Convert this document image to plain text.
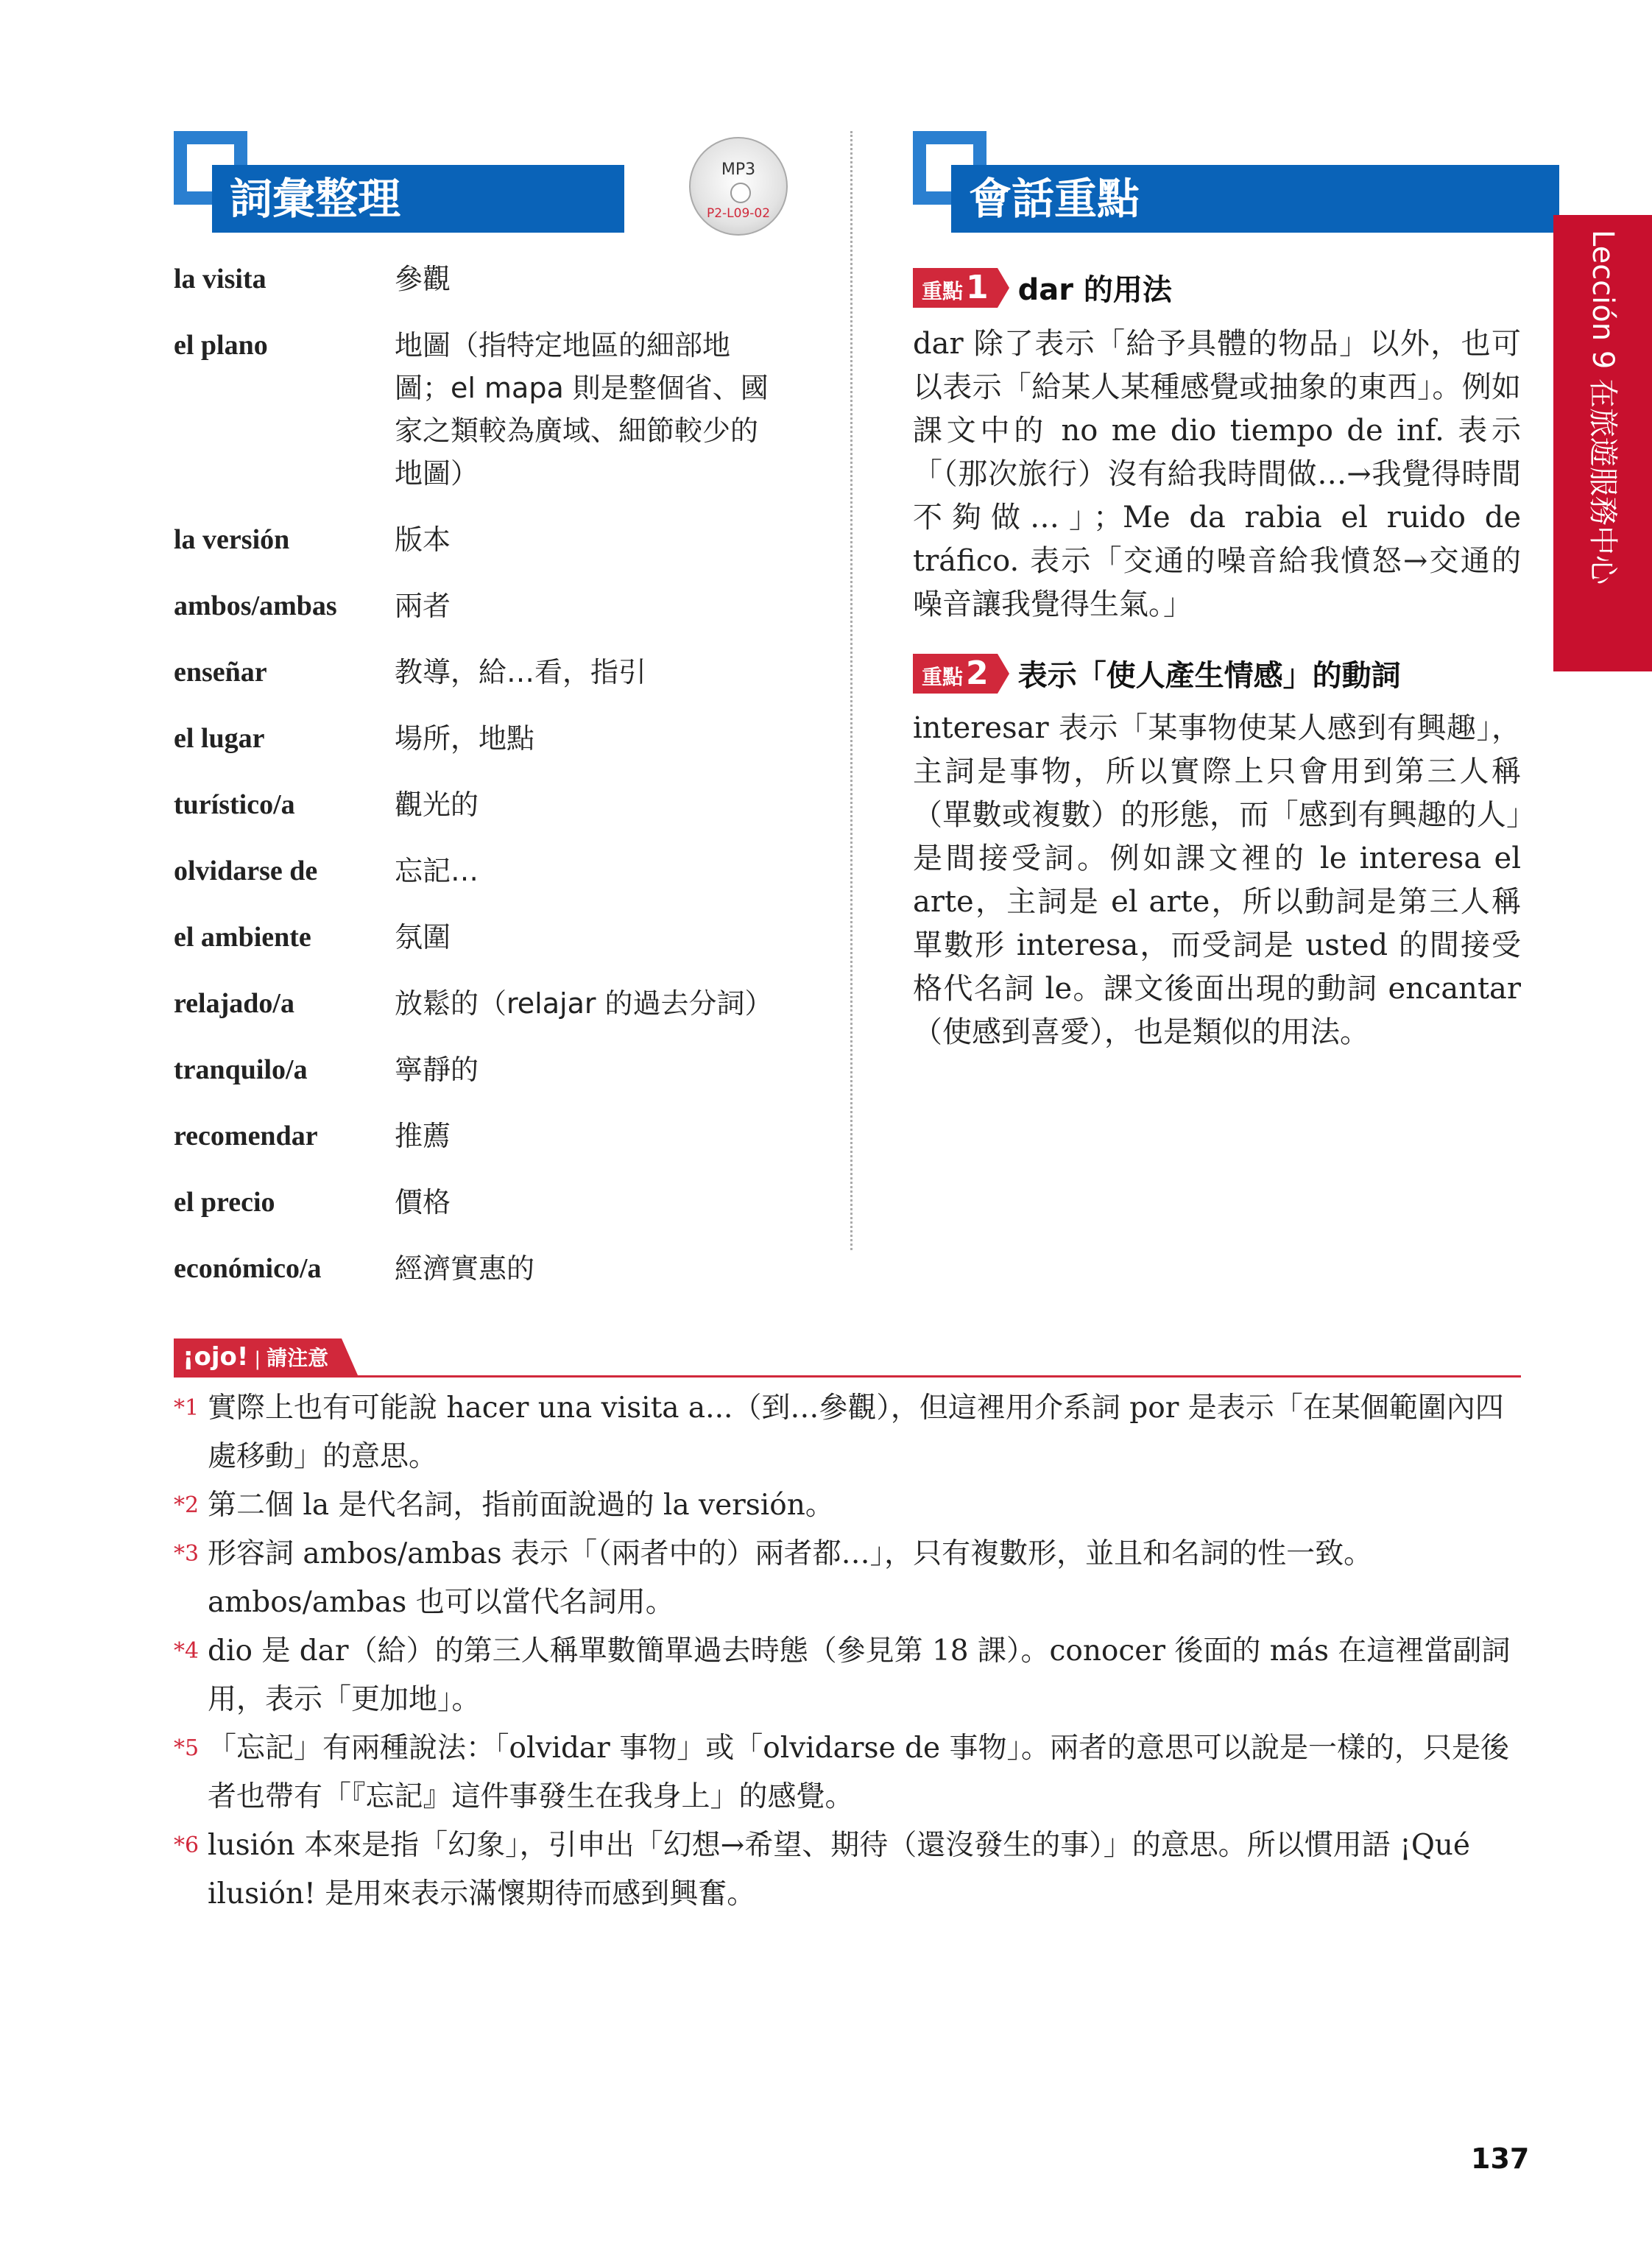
詞彙整理
MP3
P2-L09-02	會話重點
la visita	參觀
el plano	地圖（指特定地區的細部地圖；el mapa 則是整個省、國家之類較為廣域、細節較少的地圖）
la versión	版本
ambos/ambas	兩者
enseñar	教導，給…看，指引
el lugar	場所，地點
turístico/a	觀光的
olvidarse de	忘記…
el ambiente	氛圍
relajado/a	放鬆的（relajar 的過去分詞）
tranquilo/a	寧靜的
recomendar	推薦
el precio	價格
económico/a	經濟實惠的
重點1	dar 的用法
dar 除了表示「給予具體的物品」以外，也可以表示「給某人某種感覺或抽象的東西」。例如課文中的 no me dio tiempo de inf. 表示「（那次旅行）沒有給我時間做…→我覺得時間不夠做…」；Me da rabia el ruido de tráfico. 表示「交通的噪音給我憤怒→交通的噪音讓我覺得生氣。」
重點2	表示「使人產生情感」的動詞
interesar 表示「某事物使某人感到有興趣」，主詞是事物，所以實際上只會用到第三人稱（單數或複數）的形態，而「感到有興趣的人」是間接受詞。例如課文裡的 le interesa el arte，主詞是 el arte，所以動詞是第三人稱單數形 interesa，而受詞是 usted 的間接受格代名詞 le。課文後面出現的動詞 encantar（使感到喜愛），也是類似的用法。
Lección 9 在旅遊服務中心
¡ojo! | 請注意
*1 實際上也有可能說 hacer una visita a...（到…參觀），但這裡用介系詞 por 是表示「在某個範圍內四處移動」的意思。
*2 第二個 la 是代名詞，指前面說過的 la versión。
*3 形容詞 ambos/ambas 表示「（兩者中的）兩者都…」，只有複數形，並且和名詞的性一致。ambos/ambas 也可以當代名詞用。
*4 dio 是 dar（給）的第三人稱單數簡單過去時態（參見第 18 課）。conocer 後面的 más 在這裡當副詞用，表示「更加地」。
*5 「忘記」有兩種說法：「olvidar 事物」或「olvidarse de 事物」。兩者的意思可以說是一樣的，只是後者也帶有「『忘記』這件事發生在我身上」的感覺。
*6 lusión 本來是指「幻象」，引申出「幻想→希望、期待（還沒發生的事）」的意思。所以慣用語 ¡Qué ilusión! 是用來表示滿懷期待而感到興奮。
137
